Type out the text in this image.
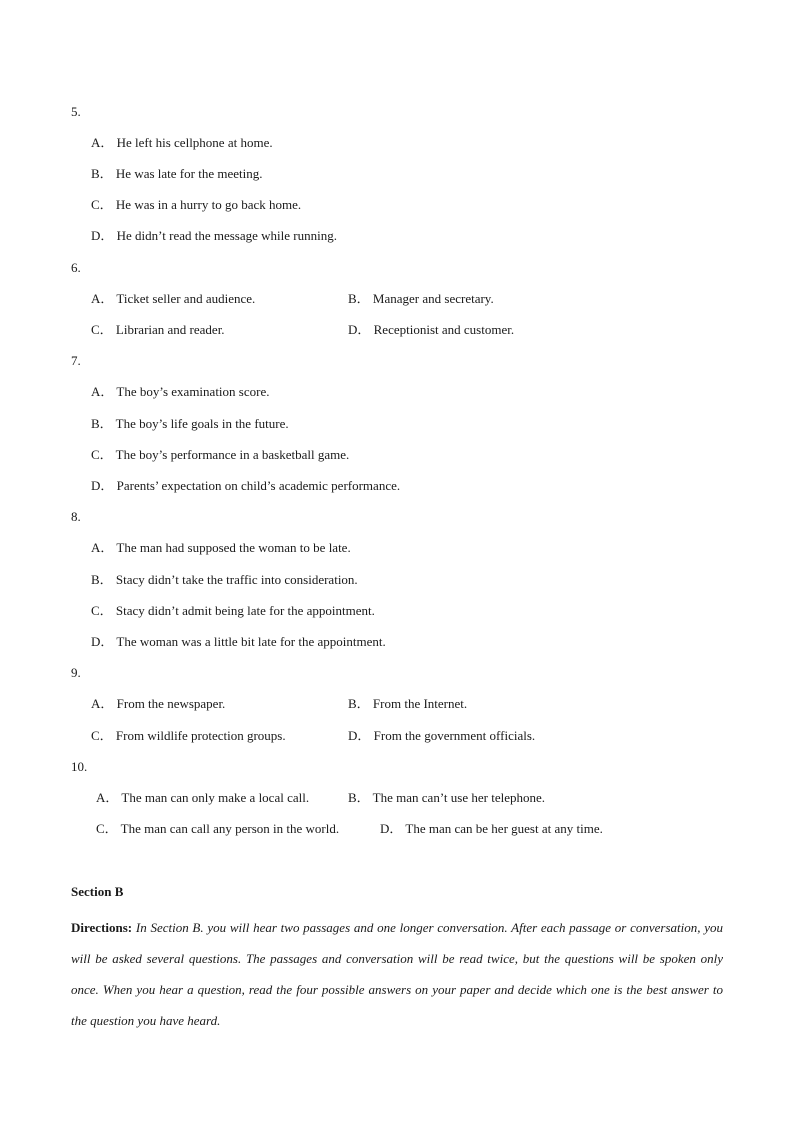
5.
A． He left his cellphone at home.
B． He was late for the meeting.
C． He was in a hurry to go back home.
D． He didn’t read the message while running.
6.
A． Ticket seller and audience.	B． Manager and secretary.
C． Librarian and reader.	D． Receptionist and customer.
7.
A． The boy’s examination score.
B． The boy’s life goals in the future.
C． The boy’s performance in a basketball game.
D． Parents’ expectation on child’s academic performance.
8.
A． The man had supposed the woman to be late.
B． Stacy didn’t take the traffic into consideration.
C． Stacy didn’t admit being late for the appointment.
D． The woman was a little bit late for the appointment.
9.
A． From the newspaper.	B． From the Internet.
C． From wildlife protection groups.	D． From the government officials.
10.
A． The man can only make a local call.	B． The man can’t use her telephone.
C． The man can call any person in the world.	D． The man can be her guest at any time.
Section B
Directions: In Section B. you will hear two passages and one longer conversation. After each passage or conversation, you will be asked several questions. The passages and conversation will be read twice, but the questions will be spoken only once. When you hear a question, read the four possible answers on your paper and decide which one is the best answer to the question you have heard.
